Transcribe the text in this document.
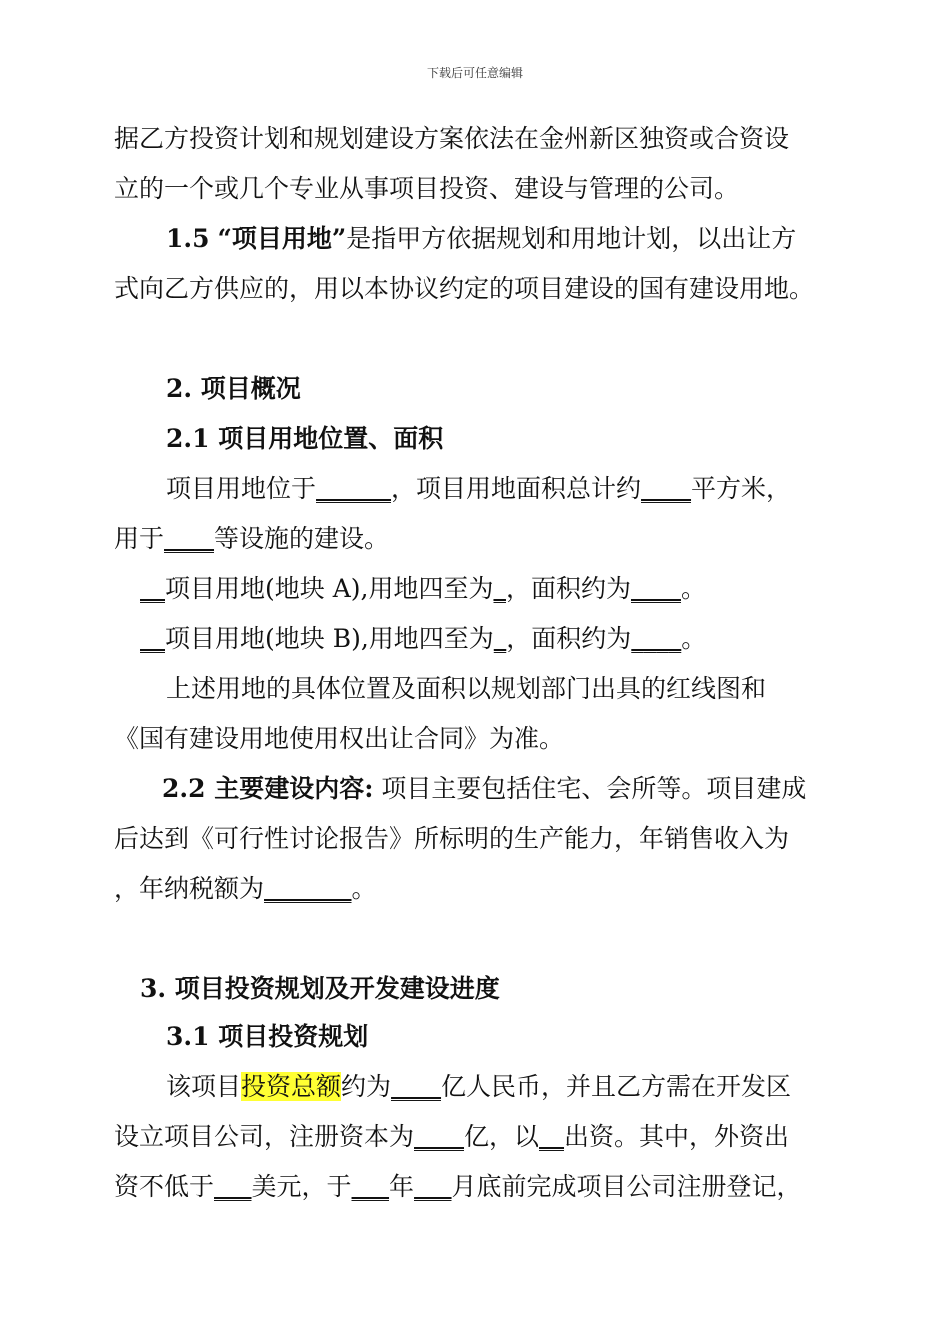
下载后可任意编辑
据乙方投资计划和规划建设方案依法在金州新区独资或合资设
立的一个或几个专业从事项目投资、建设与管理的公司。
1.5 “项目用地”是指甲方依据规划和用地计划，以出让方
式向乙方供应的，用以本协议约定的项目建设的国有建设用地。
2. 项目概况
2.1 项目用地位置、面积
项目用地位于______，项目用地面积总计约____平方米，
用于____等设施的建设。
__项目用地(地块 A),用地四至为_，面积约为____。
__项目用地(地块 B),用地四至为_，面积约为____。
上述用地的具体位置及面积以规划部门出具的红线图和
《国有建设用地使用权出让合同》为准。
2.2 主要建设内容: 项目主要包括住宅、会所等。项目建成
后达到《可行性讨论报告》所标明的生产能力，年销售收入为
，年纳税额为_______。
3. 项目投资规划及开发建设进度
3.1 项目投资规划
该项目投资总额约为____亿人民币，并且乙方需在开发区
设立项目公司，注册资本为____亿，以__出资。其中，外资出
资不低于___美元，于___年___月底前完成项目公司注册登记，
